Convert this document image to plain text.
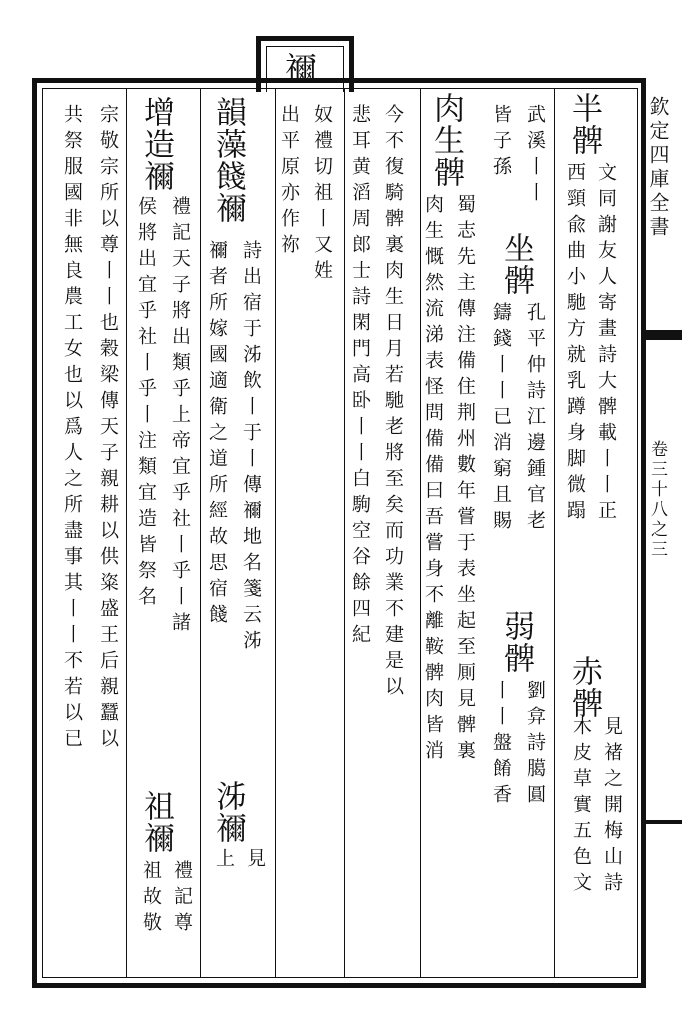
禰
欽定四庫全書
卷三十八之三
半髀
文同謝友人寄畫詩大髀載丨丨正
西頸兪曲小馳方就乳蹲身脚微蹋
赤髀
見禇之開梅山詩
木皮草實五色文
武溪丨丨
皆子孫
坐髀
孔平仲詩江邊鍾官老
鑄錢丨丨已消窮且賜
弱髀
劉弇詩臈圓
丨丨盤餚香
肉生髀
蜀志先主傳注備住荆州數年嘗于表坐起至厠見髀裏
肉生慨然流涕表怪問備備曰吾嘗身不離鞍髀肉皆消
今不復騎髀裏肉生日月若馳老將至矣而功業不建是以
悲耳黄滔周郎士詩閑門高卧丨丨白駒空谷餘四紀
奴禮切祖丨又姓
出平原亦作祢
韻藻餞禰
詩出宿于泲飲丨于丨傳禰地名箋云泲
禰者所嫁國適衛之道所經故思宿餞
泲禰
見
上
增造禰
禮記天子將出類乎上帝宜乎社丨乎丨諸
侯將出宜乎社丨乎丨注類宜造皆祭名
祖禰
禮記尊
祖故敬
宗敬宗所以尊丨丨也穀梁傳天子親耕以供粢盛王后親蠶以
共祭服國非無良農工女也以爲人之所盡事其丨丨不若以已
